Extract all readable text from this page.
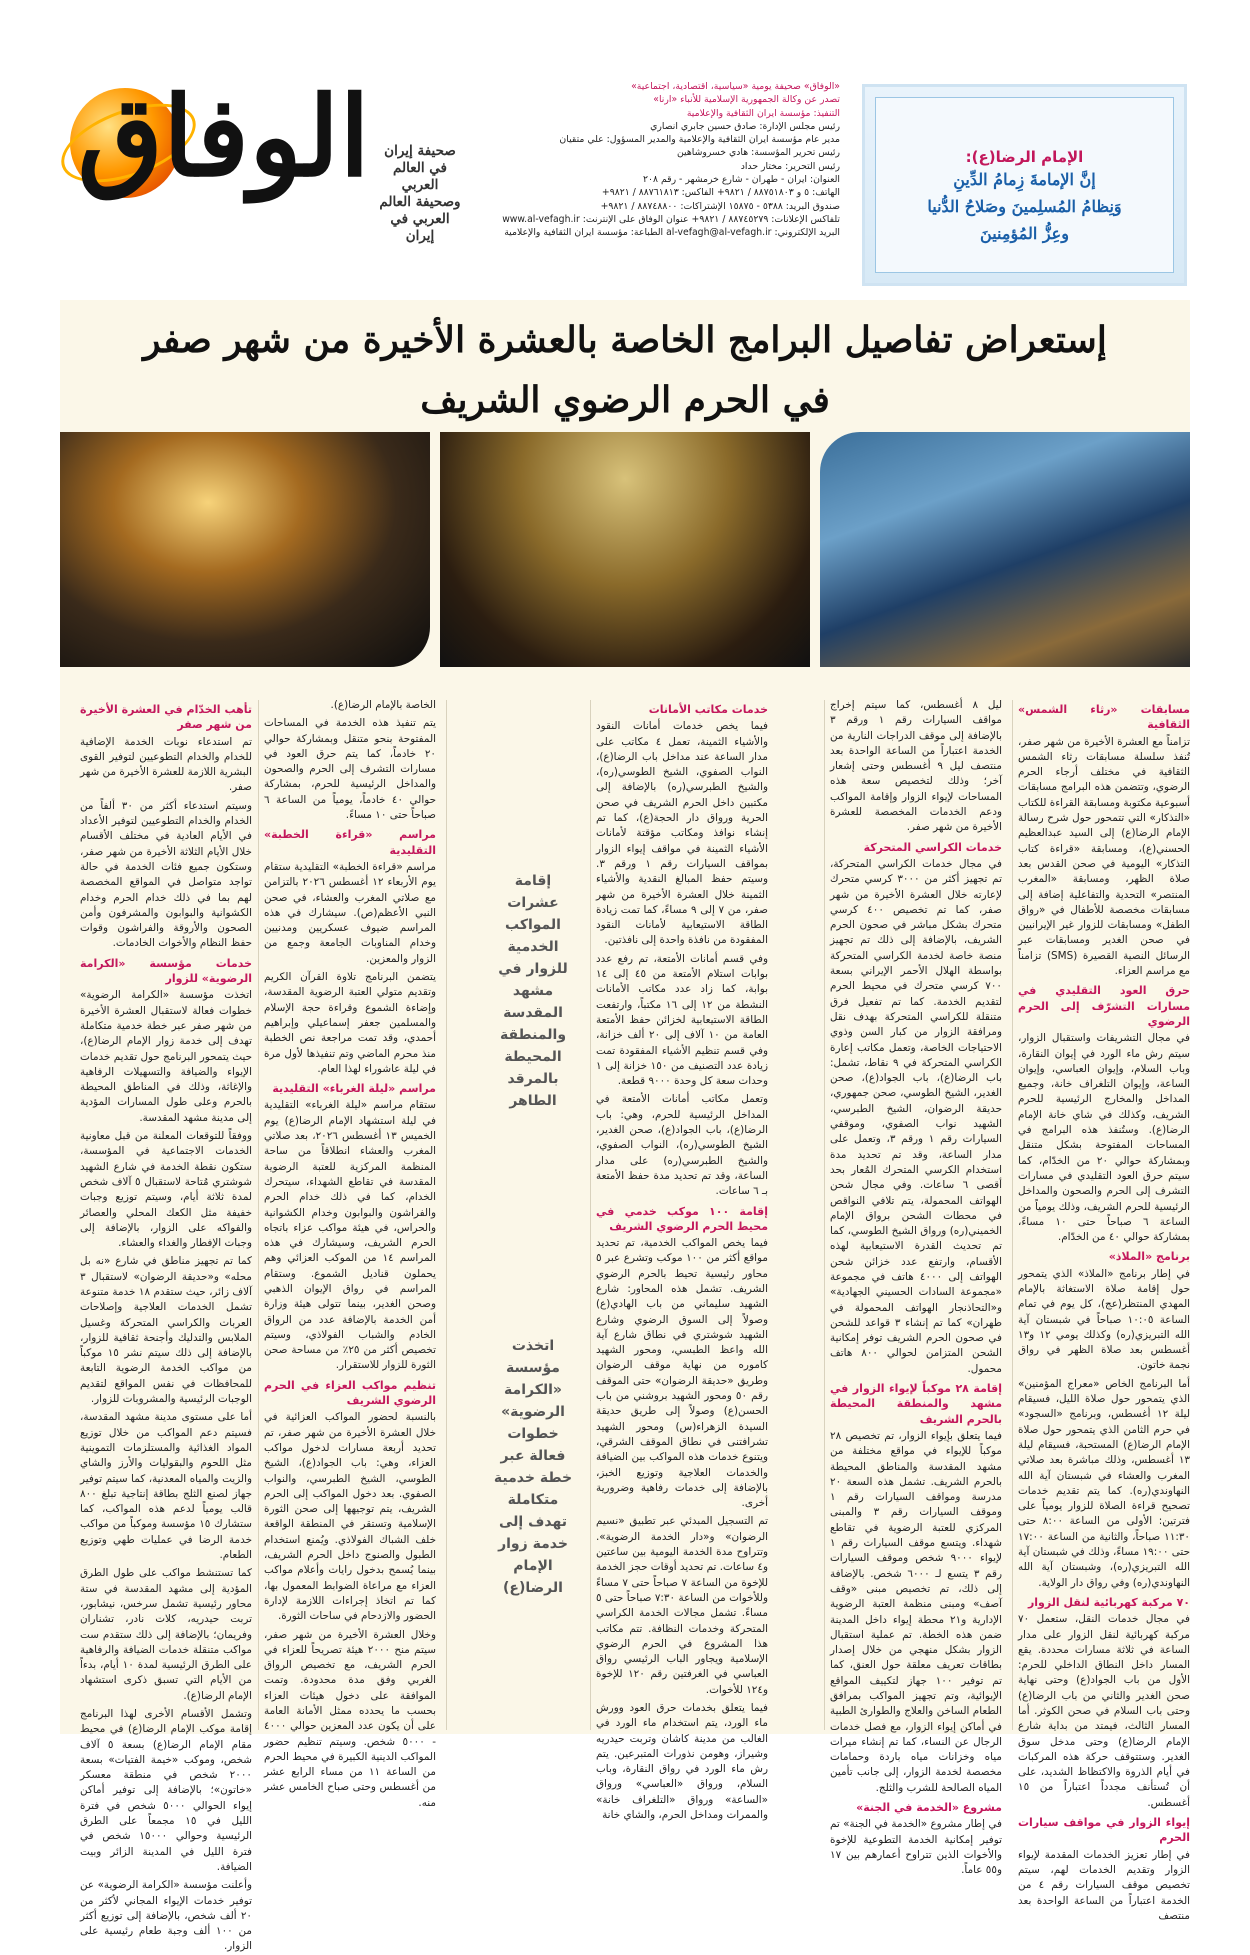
الإمام الرضا(ع):
إنَّ الإمامةَ زِمامُ الدِّينِ
وَنِظامُ المُسلِمينَ وصَلاحُ الدُّنيا
وعِزُّ المُؤمِنينَ
«الوفاق» صحيفة يومية «سياسية، اقتصادية، اجتماعية»
تصدر عن وكالة الجمهورية الإسلامية للأنباء «ارنا»
التنفيذ: مؤسسة ايران الثقافية والإعلامية
رئيس مجلس الإدارة: صادق حسين جابري انصاري
مدير عام مؤسسة ايران الثقافية والإعلامية والمدير المسؤول: علي متقيان
رئيس تحرير المؤسسة: هادي خسروشاهين
رئيس التحرير: مختار حداد
العنوان: ايران - طهران - شارع خرمشهر - رقم ٢٠٨
الهاتف: ٥ و ٨٨٧٥١٨٠٣ / ٩٨٢١+ الفاكس: ٨٨٧٦١٨١٣ / ٩٨٢١+
صندوق البريد: ٥٣٨٨ - ١٥٨٧٥ الإشتراكات: ٨٨٧٤٨٨٠٠ / ٩٨٢١+
تلفاكس الإعلانات: ٨٨٧٤٥٢٧٩ / ٩٨٢١+ عنوان الوفاق على الإنترنت: www.al-vefagh.ir
البريد الإلكتروني: al-vefagh@al-vefagh.ir الطباعة: مؤسسة ايران الثقافية والإعلامية
صحيفة إيران
في العالم العربي
وصحيفة العالم
العربي في إيران
الوفاق
إستعراض تفاصيل البرامج الخاصة بالعشرة الأخيرة من شهر صفر
في الحرم الرضوي الشريف
إقامة عشرات المواكب الخدمية للزوار في مشهد المقدسة والمنطقة المحيطة بالمرقد الطاهر
اتخذت مؤسسة «الكرامة الرضوية» خطوات فعالة عبر خطة خدمية متكاملة تهدف إلى خدمة زوار الإمام الرضا(ع)
مسابقات «رثاء الشمس» الثقافية

تزامناً مع العشرة الأخيرة من شهر صفر، تُنفذ سلسلة مسابقات رثاء الشمس الثقافية في مختلف أرجاء الحرم الرضوي، وتتضمن هذه البرامج مسابقات أسبوعية مكتوبة ومسابقة القراءة للكتاب «التذكار» التي تتمحور حول شرح رسالة الإمام الرضا(ع) إلى السيد عبدالعظيم الحسني(ع)، ومسابقة «قراءة كتاب التذكار» اليومية في صحن القدس بعد صلاة الظهر، ومسابقة «المغرب المنتصر» التحدية والتفاعلية إضافة إلى مسابقات مخصصة للأطفال في «رواق الطفل» ومسابقات للزوار غير الإيرانيين في صحن الغدير ومسابقات عبر الرسائل النصية القصيرة (SMS) تزامناً مع مراسم العزاء.

حرق العود التقليدي في مسارات التشرّف إلى الحرم الرضوي

في مجال التشريفات واستقبال الزوار، سيتم رش ماء الورد في إيوان النقارة، وباب السلام، وإيوان العباسي، وإيوان الساعة، وإيوان التلغراف خانة، وجميع المداخل والمخارج الرئيسية للحرم الشريف، وكذلك في شاي خانة الإمام الرضا(ع). وستُنفذ هذه البرامج في المساحات المفتوحة بشكل متنقل وبمشاركة حوالي ٢٠ من الخدّام، كما سيتم حرق العود التقليدي في مسارات التشرف إلى الحرم والصحون والمداخل الرئيسية للحرم الشريف، وذلك يومياً من الساعة ٦ صباحاً حتى ١٠ مساءً، بمشاركة حوالي ٤٠ من الخدّام.

برنامج «الملاذ»

في إطار برنامج «الملاذ» الذي يتمحور حول إقامة صلاة الاستغاثة بالإمام المهدي المنتظر(عج)، كل يوم في تمام الساعة ١٠:٠٥ صباحاً في شبستان آية الله التبريزي(ره) وكذلك يومي ١٢ و١٣ أغسطس بعد صلاة الظهر في رواق نجمة خاتون.

أما البرنامج الخاص «معراج المؤمنين» الذي يتمحور حول صلاة الليل، فسيقام ليلة ١٢ أغسطس، وبرنامج «السجود» في حرم الثامن الذي يتمحور حول صلاة الإمام الرضا(ع) المستحبة، فسيقام ليلة ١٣ أغسطس، وذلك مباشرة بعد صلاتي المغرب والعشاء في شبستان آية الله النهاوندي(ره). كما يتم تقديم خدمات تصحيح قراءة الصلاة للزوار يومياً على فترتين: الأولى من الساعة ٨:٠٠ حتى ١١:٣٠ صباحاً، والثانية من الساعة ١٧:٠٠ حتى ١٩:٠٠ مساءً، وذلك في شبستان آية الله التبريزي(ره)، وشبستان آية الله النهاوندي(ره) وفي رواق دار الولاية.

٧٠ مركبة كهربائية لنقل الزوار

في مجال خدمات النقل، ستعمل ٧٠ مركبة كهربائية لنقل الزوار على مدار الساعة في ثلاثة مسارات محددة. يقع المسار داخل النطاق الداخلي للحرم: الأول من باب الجواد(ع) وحتى نهاية صحن الغدير والثاني من باب الرضا(ع) وحتى باب السلام في صحن الكوثر. أما المسار الثالث، فيمتد من بداية شارع الإمام الرضا(ع) وحتى مدخل سوق الغدير. وستتوقف حركة هذه المركبات في أيام الذروة والاكتظاظ الشديد، على أن تُستأنف مجدداً اعتباراً من ١٥ أغسطس.

إيواء الزوار في مواقف سيارات الحرم

في إطار تعزيز الخدمات المقدمة لإيواء الزوار وتقديم الخدمات لهم، سيتم تخصيص موقف السيارات رقم ٤ من الخدمة اعتباراً من الساعة الواحدة بعد منتصف

ليل ٨ أغسطس، كما سيتم إخراج مواقف السيارات رقم ١ ورقم ٣ بالإضافة إلى موقف الدراجات النارية من الخدمة اعتباراً من الساعة الواحدة بعد منتصف ليل ٩ أغسطس وحتى إشعار آخر؛ وذلك لتخصيص سعة هذه المساحات لإيواء الزوار وإقامة المواكب ودعم الخدمات المخصصة للعشرة الأخيرة من شهر صفر.

خدمات الكراسي المتحركة

في مجال خدمات الكراسي المتحركة، تم تجهيز أكثر من ٣٠٠٠ كرسي متحرك لإعارته خلال العشرة الأخيرة من شهر صفر، كما تم تخصيص ٤٠٠ كرسي متحرك بشكل مباشر في صحون الحرم الشريف، بالإضافة إلى ذلك تم تجهيز منصة خاصة لخدمة الكراسي المتحركة بواسطة الهلال الأحمر الإيراني بسعة ٧٠٠ كرسي متحرك في محيط الحرم لتقديم الخدمة. كما تم تفعيل فرق متنقلة للكراسي المتحركة بهدف نقل ومرافقة الزوار من كبار السن وذوي الاحتياجات الخاصة، وتعمل مكاتب إعارة الكراسي المتحركة في ٩ نقاط، تشمل: باب الرضا(ع)، باب الجواد(ع)، صحن الغدير، الشيخ الطوسي، صحن جمهوري، حديقة الرضوان، الشيخ الطبرسي، الشهيد نواب الصفوي، وموقفي السيارات رقم ١ ورقم ٣، وتعمل على مدار الساعة، وقد تم تحديد مدة استخدام الكرسي المتحرك المُعار بحد أقصى ٦ ساعات. وفي مجال شحن الهواتف المحمولة، يتم تلافي النواقص في محطات الشحن برواق الإمام الخميني(ره) ورواق الشيخ الطوسي، كما تم تحديث القدرة الاستيعابية لهذه الأقسام، وارتفع عدد خزائن شحن الهواتف إلى ٤٠٠٠ هاتف في مجموعة «مجموعة السادات الحسيني الجهادية» و«التحاذنجار الهواتف المحمولة في طهران» كما تم إنشاء ٣ قواعد للشحن في صحون الحرم الشريف توفر إمكانية الشحن المتزامن لحوالي ٨٠٠ هاتف محمول.

إقامة ٢٨ موكباً لإيواء الزوار في مشهد والمنطقة المحيطة بالحرم الشريف

فيما يتعلق بإيواء الزوار، تم تخصيص ٢٨ موكباً للإيواء في مواقع مختلفة من مشهد المقدسة والمناطق المحيطة بالحرم الشريف. تشمل هذه السعة ٢٠ مدرسة ومواقف السيارات رقم ١ وموقف السيارات رقم ٣ والمبنى المركزي للعتبة الرضوية في تقاطع شهداء. ويتسع موقف السيارات رقم ١ لإيواء ٩٠٠٠ شخص وموقف السيارات رقم ٣ يتسع لـ ٦٠٠٠ شخص. بالإضافة إلى ذلك، تم تخصيص مبنى «وقف آصف» ومبنى منظمة العتبة الرضوية الإدارية و٢١ محطة إيواء داخل المدينة ضمن هذه الخطة. تم عملية استقبال الزوار بشكل منهجي من خلال إصدار بطاقات تعريف معلقة حول العنق، كما تم توفير ١٠٠ جهاز لتكييف المواقع الإيوائية، وتم تجهيز المواكب بمرافق الطعام الساخن والعلاج والطوارئ الطبية في أماكن إيواء الزوار، مع فصل خدمات الرجال عن النساء، كما تم إنشاء ميرات مياه وخزانات مياه باردة وحمامات مخصصة لخدمة الزوار، إلى جانب تأمين المياه الصالحة للشرب والثلج.

مشروع «الخدمة في الجنة»

في إطار مشروع «الخدمة في الجنة» تم توفير إمكانية الخدمة التطوعية للإخوة والأخوات الذين تتراوح أعمارهم بين ١٧ و٥٥ عاماً.

خدمات مكاتب الأمانات

فيما يخص خدمات أمانات النقود والأشياء الثمينة، تعمل ٤ مكاتب على مدار الساعة عند مداخل باب الرضا(ع)، النواب الصفوي، الشيخ الطوسي(ره)، والشيخ الطبرسي(ره) بالإضافة إلى مكتبين داخل الحرم الشريف في صحن الحرية ورواق دار الحجة(ع)، كما تم إنشاء نوافذ ومكاتب مؤقتة لأمانات الأشياء الثمينة في مواقف إيواء الزوار بمواقف السيارات رقم ١ ورقم ٣. وسيتم حفظ المبالغ النقدية والأشياء الثمينة خلال العشرة الأخيرة من شهر صفر، من ٧ إلى ٩ مساءً، كما تمت زيادة الطاقة الاستيعابية لأمانات النقود المفقودة من نافذة واحدة إلى نافذتين.

وفي قسم أمانات الأمتعة، تم رفع عدد بوابات استلام الأمتعة من ٤٥ إلى ١٤ بوابة، كما زاد عدد مكاتب الأمانات النشطة من ١٢ إلى ١٦ مكتباً، وارتفعت الطاقة الاستيعابية لخزائن حفظ الأمتعة العامة من ١٠ آلاف إلى ٢٠ ألف خزانة، وفي قسم تنظيم الأشياء المفقودة تمت زيادة عدد التصنيف من ١٥٠ خزانة إلى ١ وحدات سعة كل وحدة ٩٠٠٠ قطعة.

وتعمل مكاتب أمانات الأمتعة في المداخل الرئيسية للحرم، وهي: باب الرضا(ع)، باب الجواد(ع)، صحن الغدير، الشيخ الطوسي(ره)، النواب الصفوي، والشيخ الطبرسي(ره) على مدار الساعة، وقد تم تحديد مدة حفظ الأمتعة بـ ٦ ساعات.

إقامة ١٠٠ موكب خدمي في محيط الحرم الرضوي الشريف

فيما يخص المواكب الخدمية، تم تحديد مواقع أكثر من ١٠٠ موكب وتشرع عبر ٥ محاور رئيسية تحيط بالحرم الرضوي الشريف. تشمل هذه المحاور: شارع الشهيد سليماني من باب الهادي(ع) وصولاً إلى السوق الرضوي وشارع الشهيد شوشتري في نطاق شارع آية الله واعظ الطبسي، ومحور الشهيد كاموره من نهاية موقف الرضوان وطريق «حديقة الرضوان» حتى الموقف رقم ٥٠ ومحور الشهيد بروشني من باب الحسن(ع) وصولاً إلى طريق حديقة السيدة الزهراء(س) ومحور الشهيد تشرافتنى في نطاق الموقف الشرقي، ويتنوع خدمات هذه المواكب بين الضيافة والخدمات العلاجية وتوزيع الخبز، بالإضافة إلى خدمات رفاهية وضرورية أخرى.

تم التسجيل المبدئي عبر تطبيق «نسيم الرضوان» و«دار الخدمة الرضوية». وتتراوح مدة الخدمة اليومية بين ساعتين و٤ ساعات. تم تحديد أوقات حجز الخدمة للإخوة من الساعة ٧ صباحاً حتى ٧ مساءً وللأخوات من الساعة ٧:٣٠ صباحاً حتى ٥ مساءً. تشمل مجالات الخدمة الكراسي المتحركة وخدمات النظافة. تتم مكاتب هذا المشروع في الحرم الرضوي الإسلامية ويجاور الباب الرئيسي رواق العباسي في الغرفتين رقم ١٢٠ للإخوة و١٢٤ للأخوات.

فيما يتعلق بخدمات حرق العود وورش ماء الورد، يتم استخدام ماء الورد في الغالب من مدينة كاشان وتربت حيدريه وشيراز، وهومن نذورات المتبرعين. يتم رش ماء الورد في رواق النقارة، وباب السلام، ورواق «العباسي» ورواق «الساعة» ورواق «التلغراف خانة» والممرات ومداخل الحرم، والشاي خانة

الخاصة بالإمام الرضا(ع).

يتم تنفيذ هذه الخدمة في المساحات المفتوحة بنحو متنقل وبمشاركة حوالي ٢٠ خادماً، كما يتم حرق العود في مسارات التشرف إلى الحرم والصحون والمداخل الرئيسية للحرم، بمشاركة حوالي ٤٠ خادماً، يومياً من الساعة ٦ صباحاً حتى ١٠ مساءً.

مراسم «قراءة الخطبة» التقليدية

مراسم «قراءة الخطبة» التقليدية ستقام يوم الأربعاء ١٢ أغسطس ٢٠٢٦ بالتزامن مع صلاتي المغرب والعشاء، في صحن النبي الأعظم(ص). سيشارك في هذه المراسم ضيوف عسكريين ومدنيين وخدام المناوبات الجامعة وجمع من الزوار والمعزين.

يتضمن البرنامج تلاوة القرآن الكريم وتقديم متولي العتبة الرضوية المقدسة، وإضاءة الشموع وقراءة حجة الإسلام والمسلمين جعفر إسماعيلي وإبراهيم أحمدي، وقد تمت مراجعة نص الخطبة منذ محرم الماضي وتم تنفيذها لأول مرة في ليلة عاشوراء لهذا العام.

مراسم «ليلة الغرباء» التقليدية

ستقام مراسم «ليلة الغرباء» التقليدية في ليلة استشهاد الإمام الرضا(ع) يوم الخميس ١٣ أغسطس ٢٠٢٦، بعد صلاتي المغرب والعشاء انطلاقاً من ساحة المنظمة المركزية للعتبة الرضوية المقدسة في تقاطع الشهداء، سيتحرك الخدام، كما في ذلك خدام الحرم والفراشون والبوابون وخدام الكشوانية والحراس، في هيئة مواكب عزاء باتجاه الحرم الشريف، وسيشارك في هذه المراسم ١٤ من الموكب العزائي وهم يحملون قناديل الشموع. وستقام المراسم في رواق الإيوان الذهبي وصحن الغدير، بينما تتولى هيئة وزارة أمن الخدمة بالإضافة عدد من الرواق الخادم والشباب الفولاذي، وسيتم تخصيص أكثر من ٢٥٪ من مساحة صحن الثورة للزوار للاستقرار.

تنظيم مواكب العزاء في الحرم الرضوي الشريف

بالنسبة لحضور المواكب العزائية في خلال العشرة الأخيرة من شهر صفر، تم تحديد أربعة مسارات لدخول مواكب العزاء، وهي: باب الجواد(ع)، الشيخ الطوسي، الشيخ الطبرسي، والنواب الصفوي. بعد دخول المواكب إلى الحرم الشريف، يتم توجيهها إلى صحن الثورة الإسلامية وتستقر في المنطقة الواقعة خلف الشباك الفولاذي. ويُمنع استخدام الطبول والصنوج داخل الحرم الشريف، بينما يُسمح بدخول رايات وأعلام مواكب العزاء مع مراعاة الضوابط المعمول بها، كما تم اتخاذ إجراءات اللازمة لإدارة الحضور والازدحام في ساحات الثورة.

وخلال العشرة الأخيرة من شهر صفر، سيتم منح ٢٠٠٠ هيئة تصريحاً للعزاء في الحرم الشريف، مع تخصيص الرواق الغربي وفق مدة محدودة. وتمت الموافقة على دخول هيئات العزاء بحسب ما يحدده ممثل الأمانة العامة على أن يكون عدد المعزين حوالي ٤٠٠٠ - ٥٠٠٠ شخص. وسيتم تنظيم حضور المواكب الدينية الكبيرة في محيط الحرم من الساعة ١١ من مساء الرابع عشر من أغسطس وحتى صباح الخامس عشر منه.

تأهب الخدّام في العشرة الأخيرة من شهر صفر

تم استدعاء نوبات الخدمة الإضافية للخدام والخدام التطوعيين لتوفير القوى البشرية اللازمة للعشرة الأخيرة من شهر صفر.

وسيتم استدعاء أكثر من ٣٠ ألفاً من الخدام والخدام التطوعيين لتوفير الأعداد في الأيام العادية في مختلف الأقسام خلال الأيام الثلاثة الأخيرة من شهر صفر، وستكون جميع فئات الخدمة في حالة تواجد متواصل في المواقع المخصصة لهم بما في ذلك خدام الحرم وخدام الكشوانية والبوابون والمشرفون وأمن الصحون والأروقة والفراشون وقوات حفظ النظام والأخوات الخادمات.

خدمات مؤسسة «الكرامة الرضوية» للزوار

اتخذت مؤسسة «الكرامة الرضوية» خطوات فعالة لاستقبال العشرة الأخيرة من شهر صفر عبر خطة خدمية متكاملة تهدف إلى خدمة زوار الإمام الرضا(ع)، حيث يتمحور البرنامج حول تقديم خدمات الإيواء والضيافة والتسهيلات الرفاهية والإغاثة، وذلك في المناطق المحيطة بالحرم وعلى طول المسارات المؤدية إلى مدينة مشهد المقدسة.

ووفقاً للتوقعات المعلنة من قبل معاونية الخدمات الاجتماعية في المؤسسة، ستكون نقطة الخدمة في شارع الشهيد شوشتري مُتاحة لاستقبال ٥ آلاف شخص لمدة ثلاثة أيام، وسيتم توزيع وجبات خفيفة مثل الكعك المحلي والعصائر والفواكه على الزوار، بالإضافة إلى وجبات الإفطار والغداء والعشاء.

كما تم تجهيز مناطق في شارع «نه بل محله» و«حديقة الرضوان» لاستقبال ٣ آلاف زائر، حيث ستقدم ١٨ خدمة متنوعة تشمل الخدمات العلاجية وإصلاحات العربات والكراسي المتحركة وغسيل الملابس والتدليك وأجنحة ثقافية للزوار، بالإضافة إلى ذلك سيتم نشر ١٥ موكباً من مواكب الخدمة الرضوية التابعة للمحافظات في نفس المواقع لتقديم الوجبات الرئيسية والمشروبات للزوار.

أما على مستوى مدينة مشهد المقدسة، فسيتم دعم المواكب من خلال توزيع المواد الغذائية والمستلزمات التموينية مثل اللحوم والبقوليات والأرز والشاي والزيت والمياه المعدنية، كما سيتم توفير جهاز لصنع الثلج بطاقة إنتاجية تبلغ ٨٠٠ قالب يومياً لدعم هذه المواكب، كما ستشارك ١٥ مؤسسة وموكباً من مواكب خدمة الرضا في عمليات طهي وتوزيع الطعام.

كما تستنشط مواكب على طول الطرق المؤدية إلى مشهد المقدسة في ستة محاور رئيسية تشمل سرخس، نيشابور، تربت حيدريه، كلات نادر، تشناران وفريمان؛ بالإضافة إلى ذلك ستقدم ست مواكب متنقلة خدمات الضيافة والرفاهية على الطرق الرئيسية لمدة ١٠ أيام، بدءاً من الأيام التي تسبق ذكرى استشهاد الإمام الرضا(ع).

وتشمل الأقسام الأخرى لهذا البرنامج إقامة موكب الإمام الرضا(ع) في محيط مقام الإمام الرضا(ع) بسعة ٥ آلاف شخص، وموكب «خيمة الفتيات» بسعة ٢٠٠٠ شخص في منطقة معسكر «خاتون»؛ بالإضافة إلى توفير أماكن إيواء الحوالي ٥٠٠٠ شخص في فترة الليل في ١٥ مجمعاً على الطرق الرئيسية وحوالي ١٥٠٠٠ شخص في فترة الليل في المدينة الزائر وبيت الضيافة.

وأعلنت مؤسسة «الكرامة الرضوية» عن توفير خدمات الإيواء المجاني لأكثر من ٢٠ ألف شخص، بالإضافة إلى توزيع أكثر من ١٠٠ ألف وجبة طعام رئيسية على الزوار.
